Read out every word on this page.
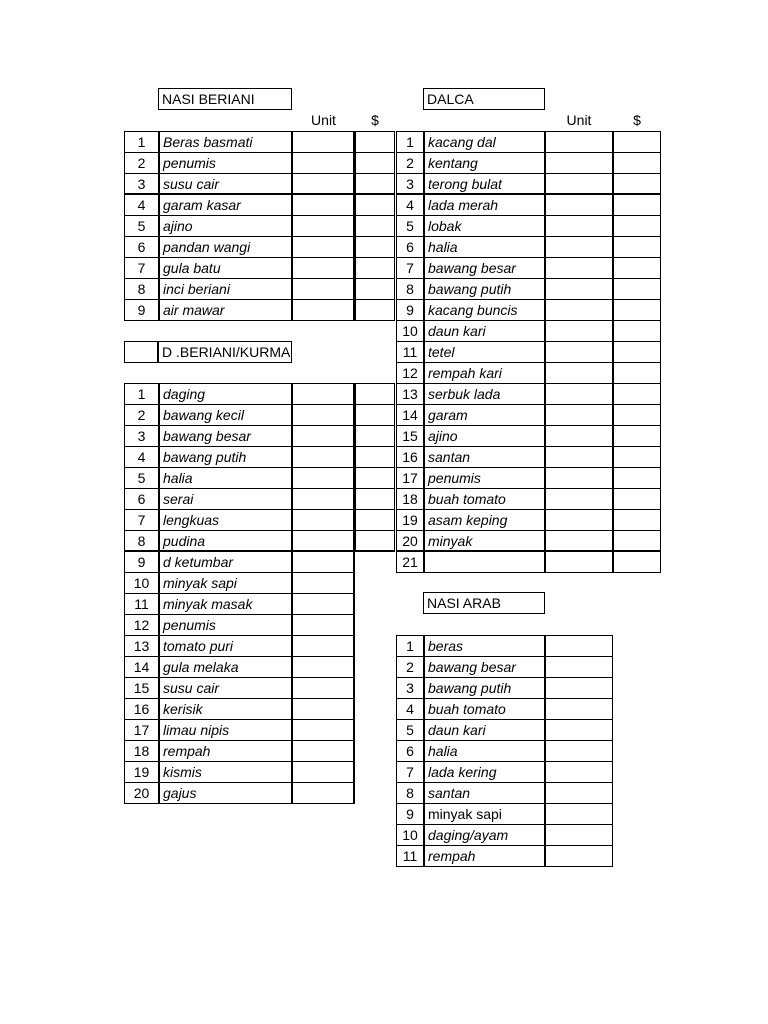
NASI BERIANI
Unit	$
1	Beras basmati
2	penumis
3	susu cair
4	garam kasar
5	ajino
6	pandan wangi
7	gula batu
8	inci beriani
9	air mawar
D .BERIANI/KURMA
1	daging
2	bawang kecil
3	bawang besar
4	bawang putih
5	halia
6	serai
7	lengkuas
8	pudina
9	d ketumbar
10 minyak sapi
11	minyak masak
12 penumis
13 tomato puri
14 gula melaka
15 susu cair
16 kerisik
17 limau nipis
18 rempah
19 kismis
20 gajus
DALCA
Unit	$
1	kacang dal
2	kentang
3	terong bulat
4	lada merah
5	lobak
6	halia
7	bawang besar
8	bawang putih
9	kacang buncis
10 daun kari
11 tetel
12 rempah kari
13 serbuk lada
14 garam
15 ajino
16 santan
17 penumis
18 buah tomato
19 asam keping
20 minyak
21
NASI ARAB
1	beras
2	bawang besar
3	bawang putih
4	buah tomato
5	daun kari
6	halia
7	lada kering
8	santan
9	minyak sapi
10 daging/ayam
11 rempah
